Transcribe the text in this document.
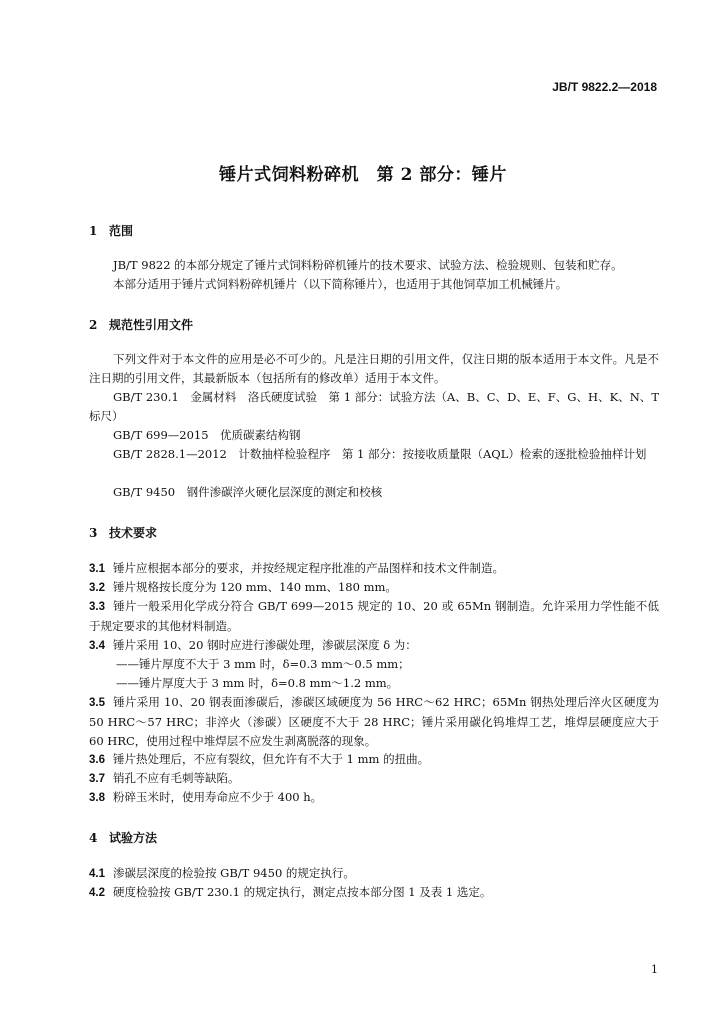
JB/T 9822.2—2018
锤片式饲料粉碎机　第 2 部分：锤片
1 范围

JB/T 9822 的本部分规定了锤片式饲料粉碎机锤片的技术要求、试验方法、检验规则、包装和贮存。

本部分适用于锤片式饲料粉碎机锤片（以下简称锤片），也适用于其他饲草加工机械锤片。

2 规范性引用文件

下列文件对于本文件的应用是必不可少的。凡是注日期的引用文件，仅注日期的版本适用于本文件。凡是不注日期的引用文件，其最新版本（包括所有的修改单）适用于本文件。

GB/T 230.1　金属材料　洛氏硬度试验　第 1 部分：试验方法（A、B、C、D、E、F、G、H、K、N、T 标尺）

GB/T 699—2015　优质碳素结构钢

GB/T 2828.1—2012　计数抽样检验程序　第 1 部分：按接收质量限（AQL）检索的逐批检验抽样计划

GB/T 9450　钢件渗碳淬火硬化层深度的测定和校核

3 技术要求

3.1 锤片应根据本部分的要求，并按经规定程序批准的产品图样和技术文件制造。

3.2 锤片规格按长度分为 120 mm、140 mm、180 mm。

3.3 锤片一般采用化学成分符合 GB/T 699—2015 规定的 10、20 或 65Mn 钢制造。允许采用力学性能不低于规定要求的其他材料制造。

3.4 锤片采用 10、20 钢时应进行渗碳处理，渗碳层深度 δ 为：

——锤片厚度不大于 3 mm 时，δ=0.3 mm～0.5 mm；

——锤片厚度大于 3 mm 时，δ=0.8 mm～1.2 mm。

3.5 锤片采用 10、20 钢表面渗碳后，渗碳区域硬度为 56 HRC～62 HRC；65Mn 钢热处理后淬火区硬度为 50 HRC～57 HRC；非淬火（渗碳）区硬度不大于 28 HRC；锤片采用碳化钨堆焊工艺，堆焊层硬度应大于 60 HRC，使用过程中堆焊层不应发生剥离脱落的现象。

3.6 锤片热处理后，不应有裂纹，但允许有不大于 1 mm 的扭曲。

3.7 销孔不应有毛刺等缺陷。

3.8 粉碎玉米时，使用寿命应不少于 400 h。

4 试验方法

4.1 渗碳层深度的检验按 GB/T 9450 的规定执行。

4.2 硬度检验按 GB/T 230.1 的规定执行，测定点按本部分图 1 及表 1 选定。

1
